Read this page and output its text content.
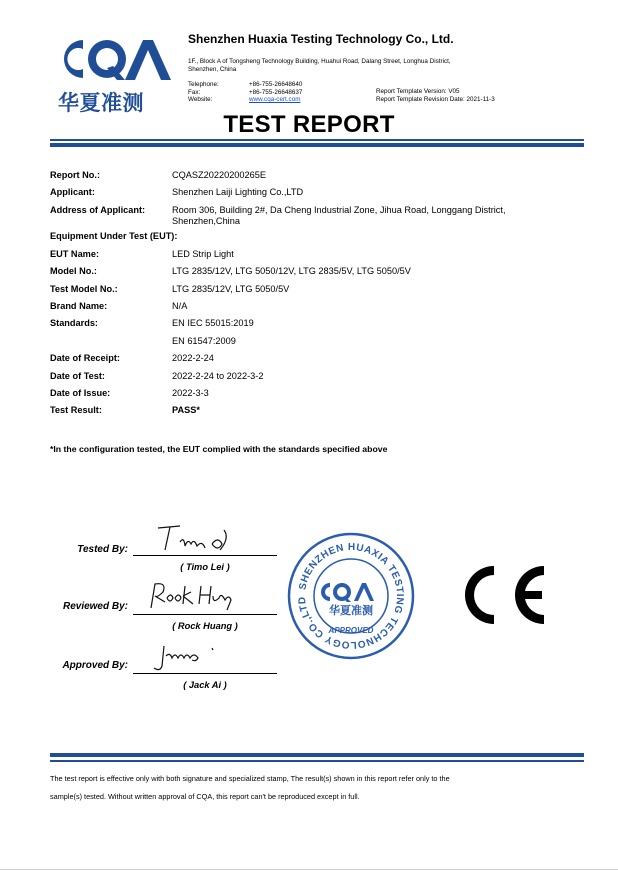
华夏准测
Shenzhen Huaxia Testing Technology Co., Ltd.
1F., Block A of Tongsheng Technology Building, Huahui Road, Dalang Street, Longhua District,
Shenzhen, China
Telephone:	+86-755-26648640
Fax:	+86-755-26648637
Website:	www.cqa-cert.com
Report Template Version: V05
Report Template Revision Date: 2021-11-3
TEST REPORT
Report No.:	CQASZ20220200265E
Applicant:	Shenzhen Laiji Lighting Co.,LTD
Address of Applicant:	Room 306, Building 2#, Da Cheng Industrial Zone, Jihua Road, Longgang District,
Shenzhen,China

Equipment Under Test (EUT):	
EUT Name:	LED Strip Light
Model No.:	LTG 2835/12V, LTG 5050/12V, LTG 2835/5V, LTG 5050/5V
Test Model No.:	LTG 2835/12V, LTG 5050/5V
Brand Name:	N/A
Standards:	EN IEC 55015:2019
	EN 61547:2009
Date of Receipt:	2022-2-24
Date of Test:	2022-2-24 to 2022-3-2
Date of Issue:	2022-3-3
Test Result:	PASS*
*In the configuration tested, the EUT complied with the standards specified above
Tested By:
( Timo Lei )
Reviewed By:
( Rock Huang )
Approved By:
( Jack Ai )
SHENZHEN HUAXIA TESTING TECHNOLOGY CO.,LTD
华夏准测
APPROVED
The test report is effective only with both signature and specialized stamp, The result(s) shown in this report refer only to the
sample(s) tested. Without written approval of CQA, this report can't be reproduced except in full.
